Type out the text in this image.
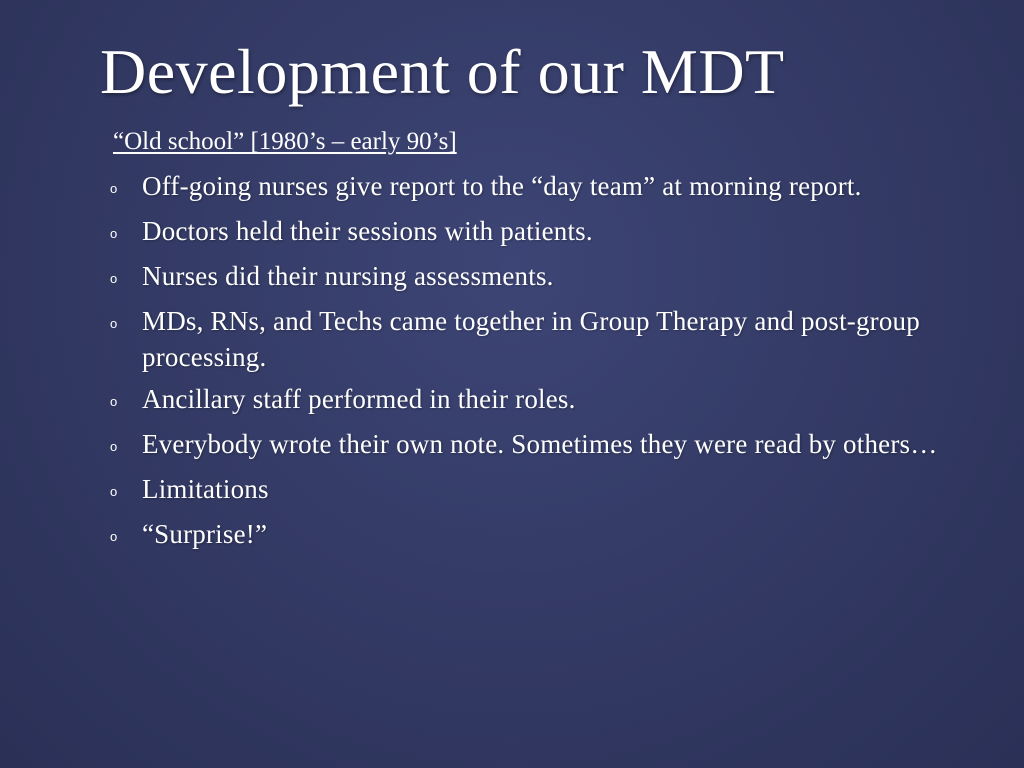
Development of our MDT
“Old school” [1980’s – early 90’s]
o Off-going nurses give report to the “day team” at morning report.
o Doctors held their sessions with patients.
o Nurses did their nursing assessments.
o MDs, RNs, and Techs came together in Group Therapy and post-group processing.
o Ancillary staff performed in their roles.
o Everybody wrote their own note. Sometimes they were read by others…
o Limitations
o “Surprise!”
